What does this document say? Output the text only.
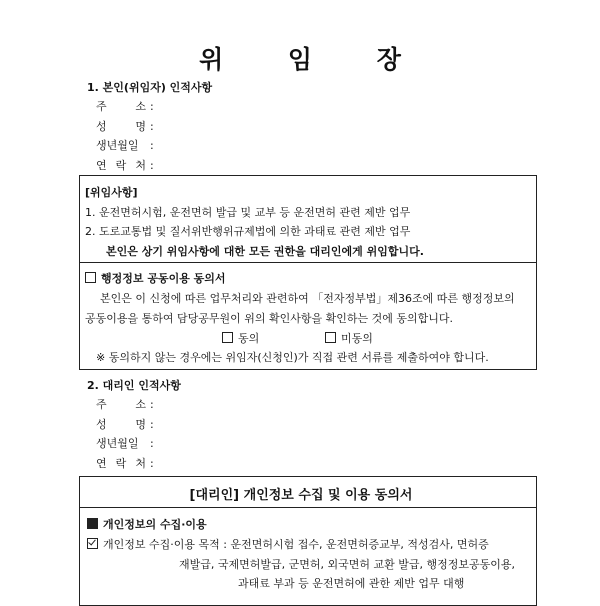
위 임 장
1. 본인(위임자) 인적사항
주 소 :
성 명 :
생년월일 :
연 락 처 :
[위임사항]
1. 운전면허시험, 운전면허 발급 및 교부 등 운전면허 관련 제반 업무
2. 도로교통법 및 질서위반행위규제법에 의한 과태료 관련 제반 업무
본인은 상기 위임사항에 대한 모든 권한을 대리인에게 위임합니다.
행정정보 공동이용 동의서
본인은 이 신청에 따른 업무처리와 관련하여 「전자정부법」제36조에 따른 행정정보의
공동이용을 통하여 담당공무원이 위의 확인사항을 확인하는 것에 동의합니다.
동의	미동의
※ 동의하지 않는 경우에는 위임자(신청인)가 직접 관련 서류를 제출하여야 합니다.
2. 대리인 인적사항
주 소 :
성 명 :
생년월일 :
연 락 처 :
[대리인] 개인정보 수집 및 이용 동의서
개인정보의 수집·이용
개인정보 수집·이용 목적 : 운전면허시험 접수, 운전면허증교부, 적성검사, 면허증
재발급, 국제면허발급, 군면허, 외국면허 교환 발급, 행정정보공동이용,
과태료 부과 등 운전면허에 관한 제반 업무 대행
